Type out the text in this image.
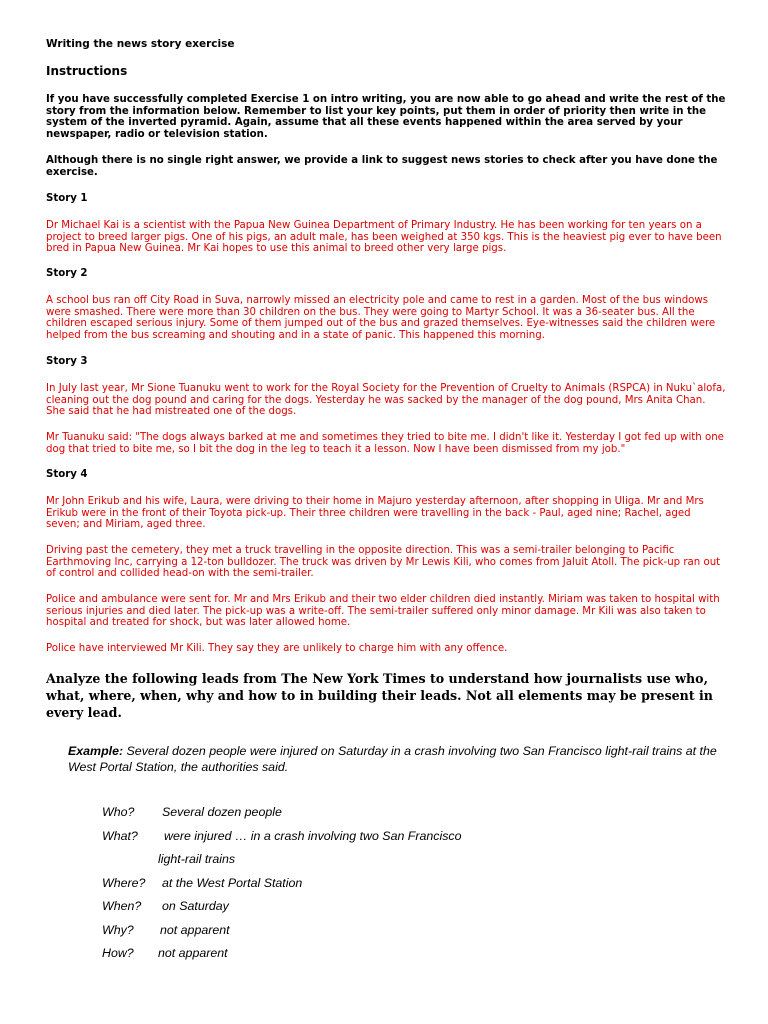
Writing the news story exercise
Instructions

If you have successfully completed Exercise 1 on intro writing, you are now able to go ahead and write the rest of the story from the information below. Remember to list your key points, put them in order of priority then write in the system of the inverted pyramid. Again, assume that all these events happened within the area served by your newspaper, radio or television station.

Although there is no single right answer, we provide a link to suggest news stories to check after you have done the exercise.

Story 1

Dr Michael Kai is a scientist with the Papua New Guinea Department of Primary Industry. He has been working for ten years on a project to breed larger pigs. One of his pigs, an adult male, has been weighed at 350 kgs. This is the heaviest pig ever to have been bred in Papua New Guinea. Mr Kai hopes to use this animal to breed other very large pigs.

Story 2

A school bus ran off City Road in Suva, narrowly missed an electricity pole and came to rest in a garden. Most of the bus windows were smashed. There were more than 30 children on the bus. They were going to Martyr School. It was a 36-seater bus. All the children escaped serious injury. Some of them jumped out of the bus and grazed themselves. Eye-witnesses said the children were helped from the bus screaming and shouting and in a state of panic. This happened this morning.

Story 3

In July last year, Mr Sione Tuanuku went to work for the Royal Society for the Prevention of Cruelty to Animals (RSPCA) in Nuku`alofa, cleaning out the dog pound and caring for the dogs. Yesterday he was sacked by the manager of the dog pound, Mrs Anita Chan. She said that he had mistreated one of the dogs.

Mr Tuanuku said: "The dogs always barked at me and sometimes they tried to bite me. I didn't like it. Yesterday I got fed up with one dog that tried to bite me, so I bit the dog in the leg to teach it a lesson. Now I have been dismissed from my job."

Story 4

Mr John Erikub and his wife, Laura, were driving to their home in Majuro yesterday afternoon, after shopping in Uliga. Mr and Mrs Erikub were in the front of their Toyota pick-up. Their three children were travelling in the back - Paul, aged nine; Rachel, aged seven; and Miriam, aged three.

Driving past the cemetery, they met a truck travelling in the opposite direction. This was a semi-trailer belonging to Pacific Earthmoving Inc, carrying a 12-ton bulldozer. The truck was driven by Mr Lewis Kili, who comes from Jaluit Atoll. The pick-up ran out of control and collided head-on with the semi-trailer.

Police and ambulance were sent for. Mr and Mrs Erikub and their two elder children died instantly. Miriam was taken to hospital with serious injuries and died later. The pick-up was a write-off. The semi-trailer suffered only minor damage. Mr Kili was also taken to hospital and treated for shock, but was later allowed home.

Police have interviewed Mr Kili. They say they are unlikely to charge him with any offence.

Analyze the following leads from The New York Times to understand how journalists use who, what, where, when, why and how to in building their leads. Not all elements may be present in every lead.
Example: Several dozen people were injured on Saturday in a crash involving two San Francisco light-rail trains at the West Portal Station, the authorities said.
Who? Several dozen people
What? were injured … in a crash involving two San Francisco
light-rail trains
Where? at the West Portal Station
When? on Saturday
Why? not apparent
How? not apparent
